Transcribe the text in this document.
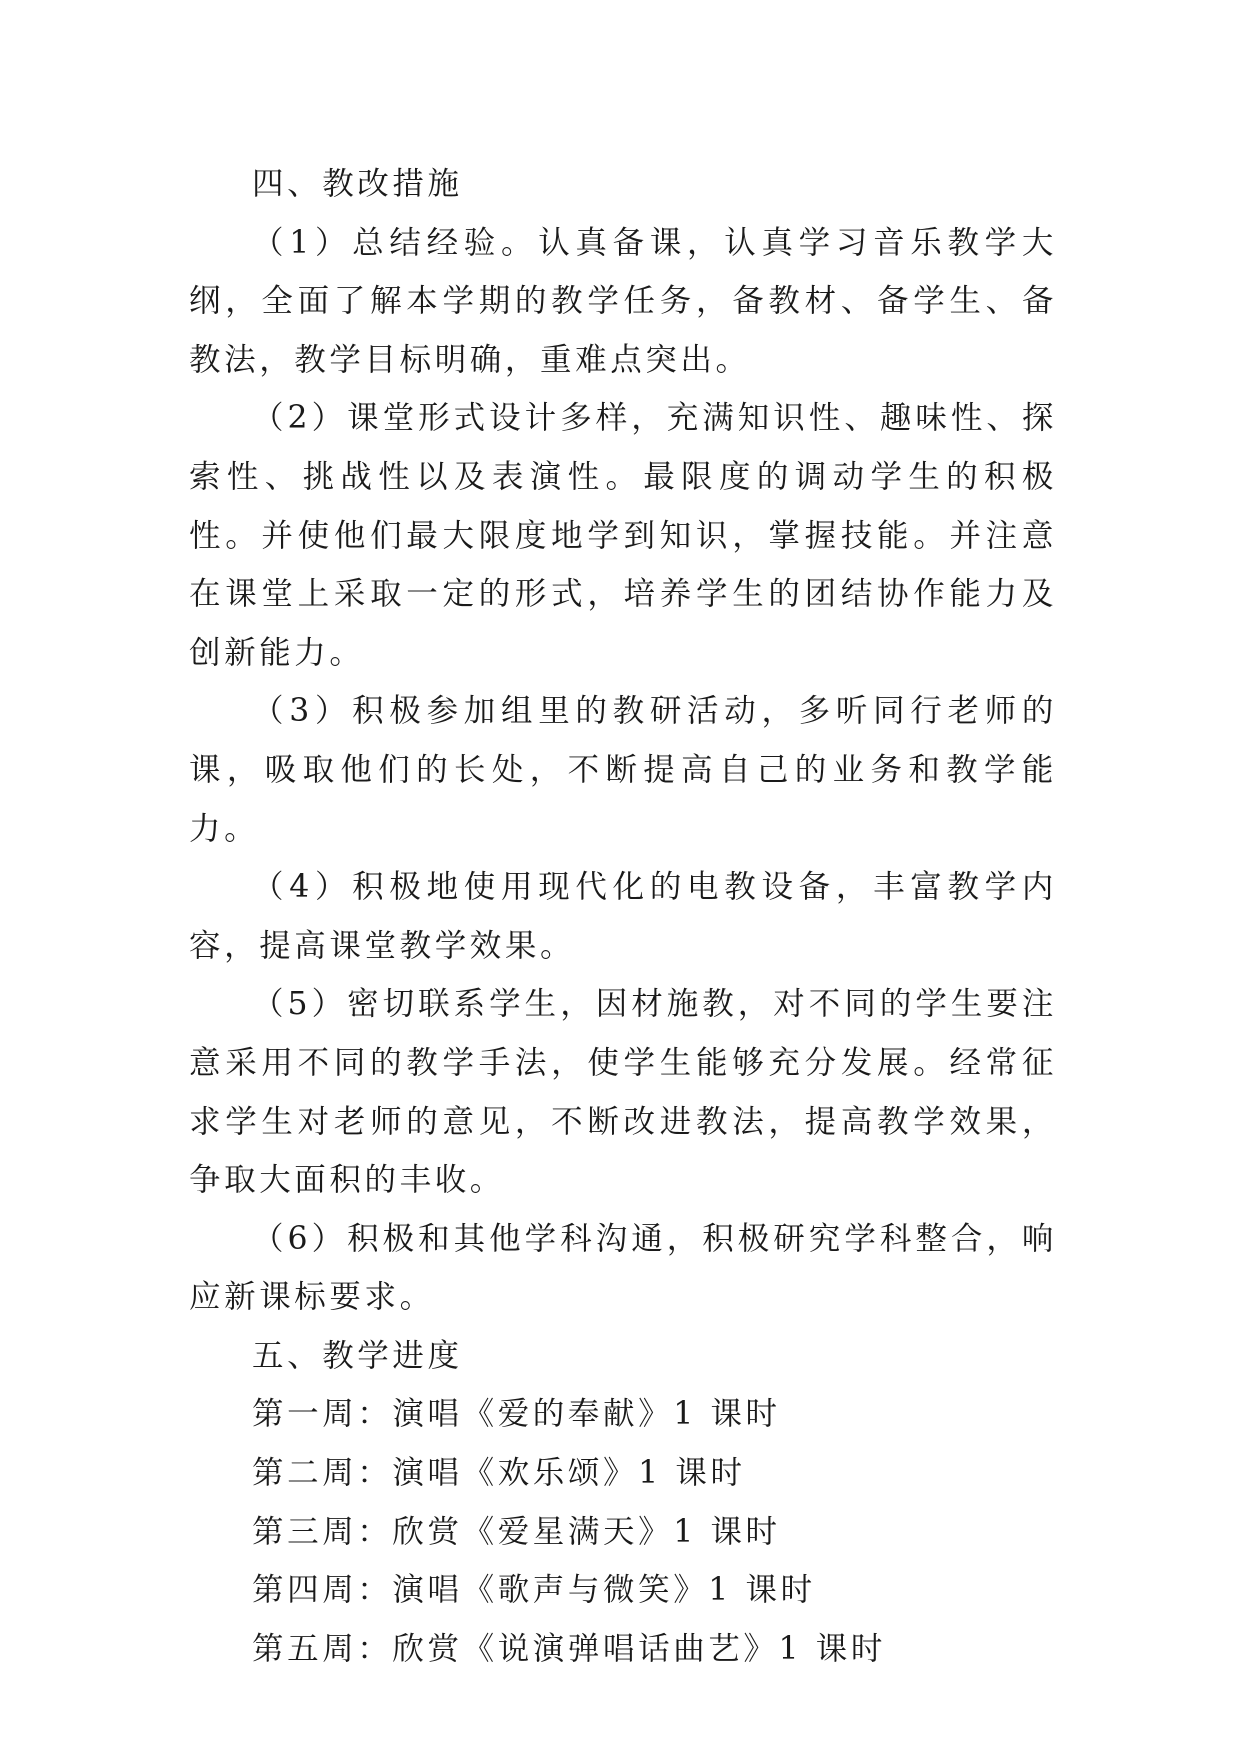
四、教改措施

（1）总结经验。认真备课，认真学习音乐教学大纲，全面了解本学期的教学任务，备教材、备学生、备教法，教学目标明确，重难点突出。

（2）课堂形式设计多样，充满知识性、趣味性、探索性、挑战性以及表演性。最限度的调动学生的积极性。并使他们最大限度地学到知识，掌握技能。并注意在课堂上采取一定的形式，培养学生的团结协作能力及创新能力。

（3）积极参加组里的教研活动，多听同行老师的课，吸取他们的长处，不断提高自己的业务和教学能力。

（4）积极地使用现代化的电教设备，丰富教学内容，提高课堂教学效果。

（5）密切联系学生，因材施教，对不同的学生要注意采用不同的教学手法，使学生能够充分发展。经常征求学生对老师的意见，不断改进教法，提高教学效果，争取大面积的丰收。

（6）积极和其他学科沟通，积极研究学科整合，响应新课标要求。

五、教学进度

第一周：演唱《爱的奉献》1 课时

第二周：演唱《欢乐颂》1 课时

第三周：欣赏《爱星满天》1 课时

第四周：演唱《歌声与微笑》1 课时

第五周：欣赏《说演弹唱话曲艺》1 课时
